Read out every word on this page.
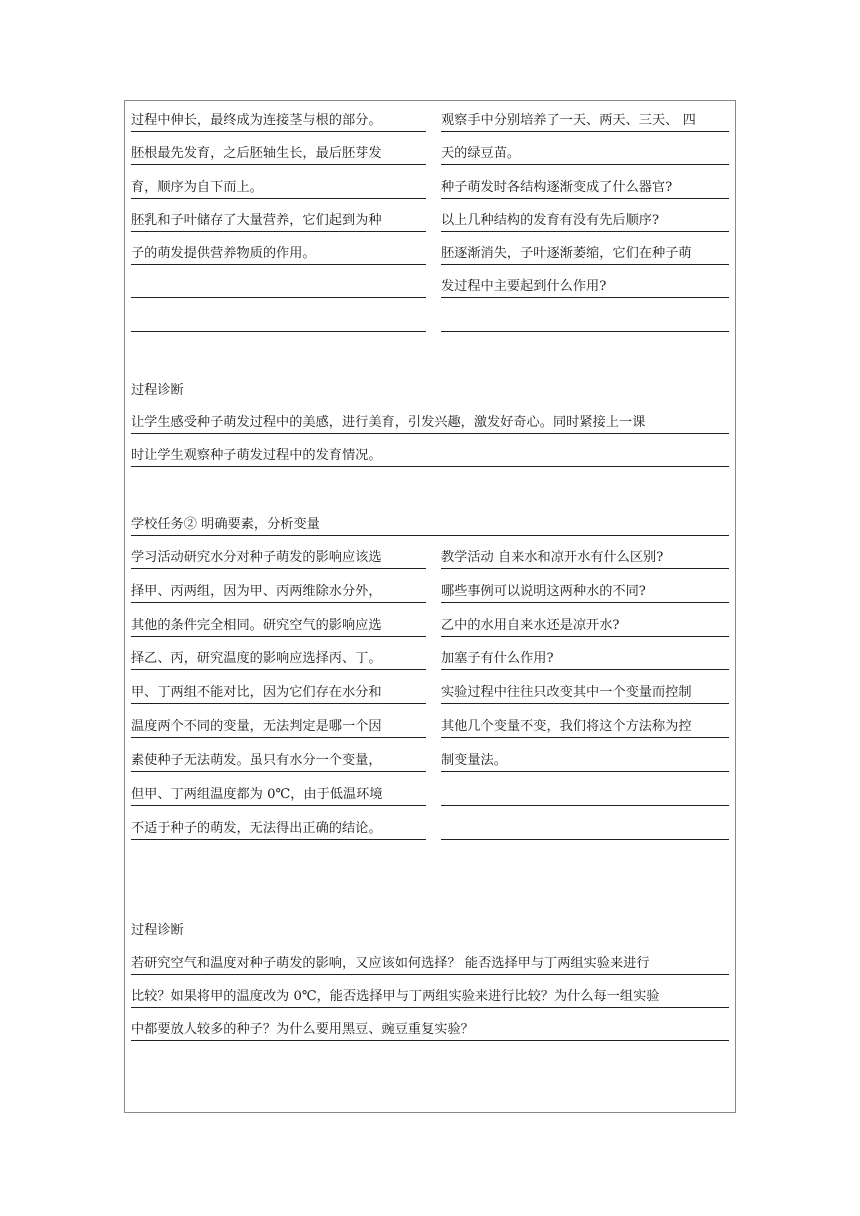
过程中伸长，最终成为连接茎与根的部分。
胚根最先发育，之后胚轴生长，最后胚芽发
育，顺序为自下而上。
胚乳和子叶储存了大量营养，它们起到为种
子的萌发提供营养物质的作用。
观察手中分别培养了一天、两天、三天、 四
天的绿豆苗。
种子萌发时各结构逐渐变成了什么器官?
以上几种结构的发育有没有先后顺序?
胚逐渐消失，子叶逐渐萎缩，它们在种子萌
发过程中主要起到什么作用?
过程诊断
让学生感受种子萌发过程中的美感，进行美育，引发兴趣，激发好奇心。同时紧接上一课
时让学生观察种子萌发过程中的发育情况。
学校任务② 明确要素，分析变量
学习活动研究水分对种子萌发的影响应该选
择甲、丙两组，因为甲、丙两维除水分外，
其他的条件完全相同。研究空气的影响应选
择乙、丙，研究温度的影响应选择丙、丁。
甲、丁两组不能对比，因为它们存在水分和
温度两个不同的变量，无法判定是哪一个因
素使种子无法萌发。虽只有水分一个变量，
但甲、丁两组温度都为 0℃，由于低温环境
不适于种子的萌发，无法得出正确的结论。
教学活动 自来水和凉开水有什么区别?
哪些事例可以说明这两种水的不同?
乙中的水用自来水还是凉开水?
加塞子有什么作用?
实验过程中往往只改变其中一个变量而控制
其他几个变量不变，我们将这个方法称为控
制变量法。
过程诊断
若研究空气和温度对种子萌发的影响，又应该如何选择？ 能否选择甲与丁两组实验来进行
比较？如果将甲的温度改为 0℃，能否选择甲与丁两组实验来进行比较？为什么每一组实验
中都要放人较多的种子？为什么要用黑豆、豌豆重复实验？
